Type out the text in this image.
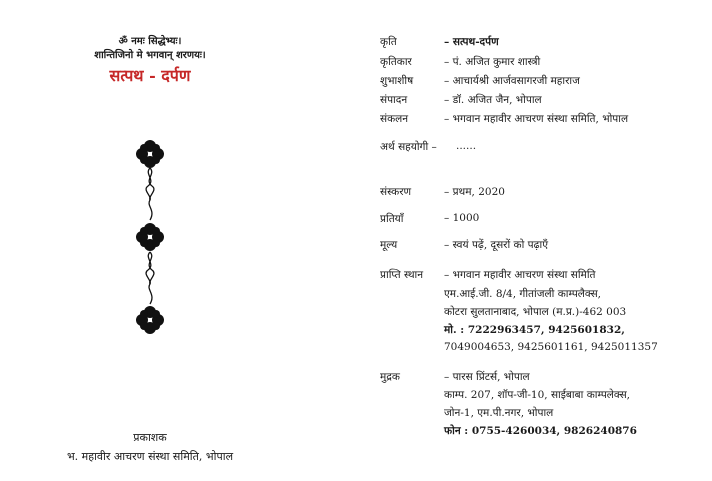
ॐ नमः सिद्धेभ्यः।
शान्तिजिनो मे भगवान् शरणयः।
सत्पथ - दर्पण
प्रकाशक
भ. महावीर आचरण संस्था समिति, भोपाल
कृति	– सत्पथ-दर्पण
कृतिकार	– पं. अजित कुमार शास्त्री
शुभाशीष	– आचार्यश्री आर्जवसागरजी महाराज
संपादन	– डॉ. अजित जैन, भोपाल
संकलन	– भगवान महावीर आचरण संस्था समिति, भोपाल
अर्थ सहयोगी – ......
संस्करण	– प्रथम, 2020
प्रतियाँ	– 1000
मूल्य	– स्वयं पढ़ें, दूसरों को पढ़ाएँ
प्राप्ति स्थान – भगवान महावीर आचरण संस्था समिति
एम.आई.जी. 8/4, गीतांजली काम्पलैक्स,
कोटरा सुलतानाबाद, भोपाल (म.प्र.)-462 003
मो. : 7222963457, 9425601832,
7049004653, 9425601161, 9425011357
मुद्रक	– पारस प्रिंटर्स, भोपाल
काम्प. 207, शॉप-जी-10, साईबाबा काम्पलेक्स,
जोन-1, एम.पी.नगर, भोपाल
फोन : 0755-4260034, 9826240876
